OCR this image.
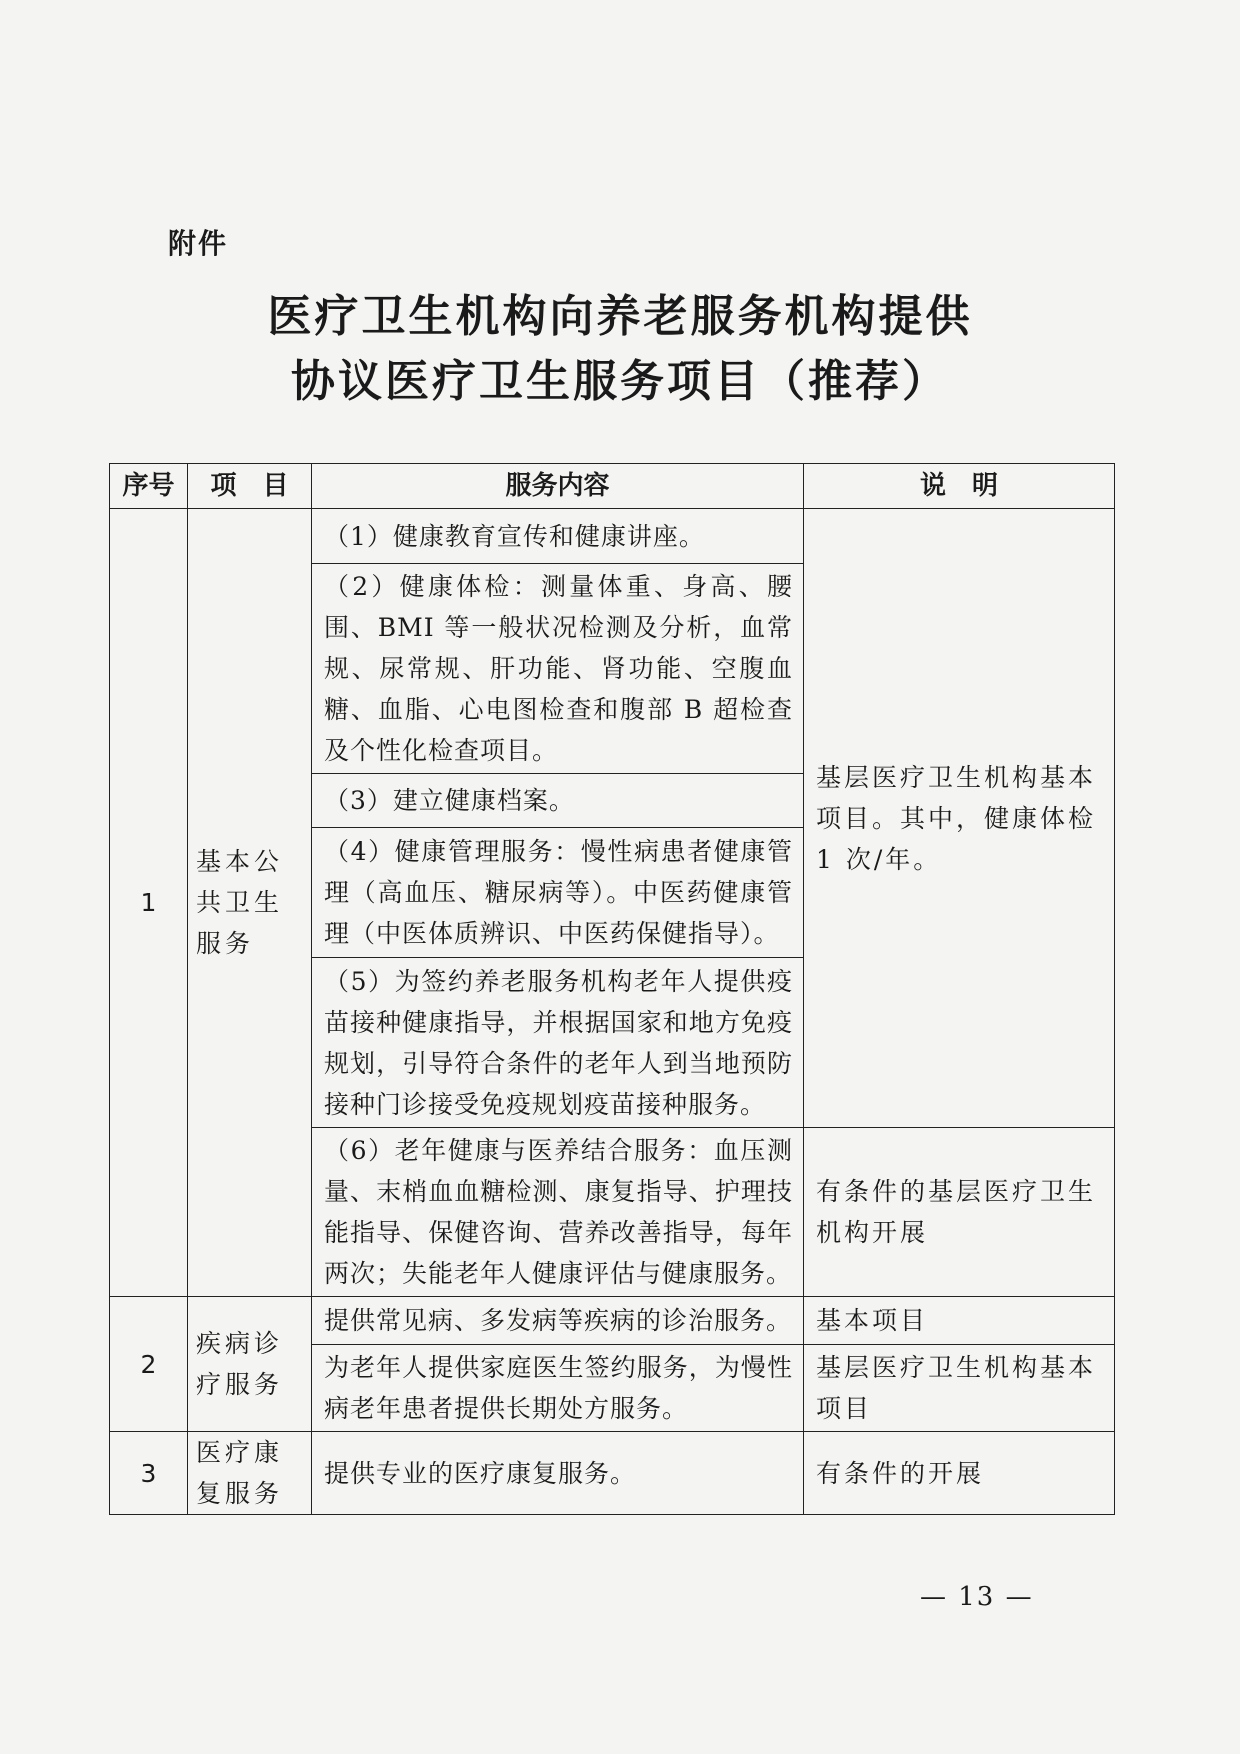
附件
医疗卫生机构向养老服务机构提供
协议医疗卫生服务项目（推荐）
序号	项　目	服务内容	说　明
1	基本公共卫生服务	（1）健康教育宣传和健康讲座。	基层医疗卫生机构基本项目。其中，健康体检 1 次/年。
		（2）健康体检：测量体重、身高、腰围、BMI 等一般状况检测及分析，血常规、尿常规、肝功能、肾功能、空腹血糖、血脂、心电图检查和腹部 B 超检查及个性化检查项目。	
		（3）建立健康档案。	
		（4）健康管理服务：慢性病患者健康管理（高血压、糖尿病等）。中医药健康管理（中医体质辨识、中医药保健指导）。	
		（5）为签约养老服务机构老年人提供疫苗接种健康指导，并根据国家和地方免疫规划，引导符合条件的老年人到当地预防接种门诊接受免疫规划疫苗接种服务。	
		（6）老年健康与医养结合服务：血压测量、末梢血血糖检测、康复指导、护理技能指导、保健咨询、营养改善指导，每年两次；失能老年人健康评估与健康服务。	有条件的基层医疗卫生机构开展
2	疾病诊疗服务	提供常见病、多发病等疾病的诊治服务。	基本项目
		为老年人提供家庭医生签约服务，为慢性病老年患者提供长期处方服务。	基层医疗卫生机构基本项目
3	医疗康复服务	提供专业的医疗康复服务。	有条件的开展
— 13 —
